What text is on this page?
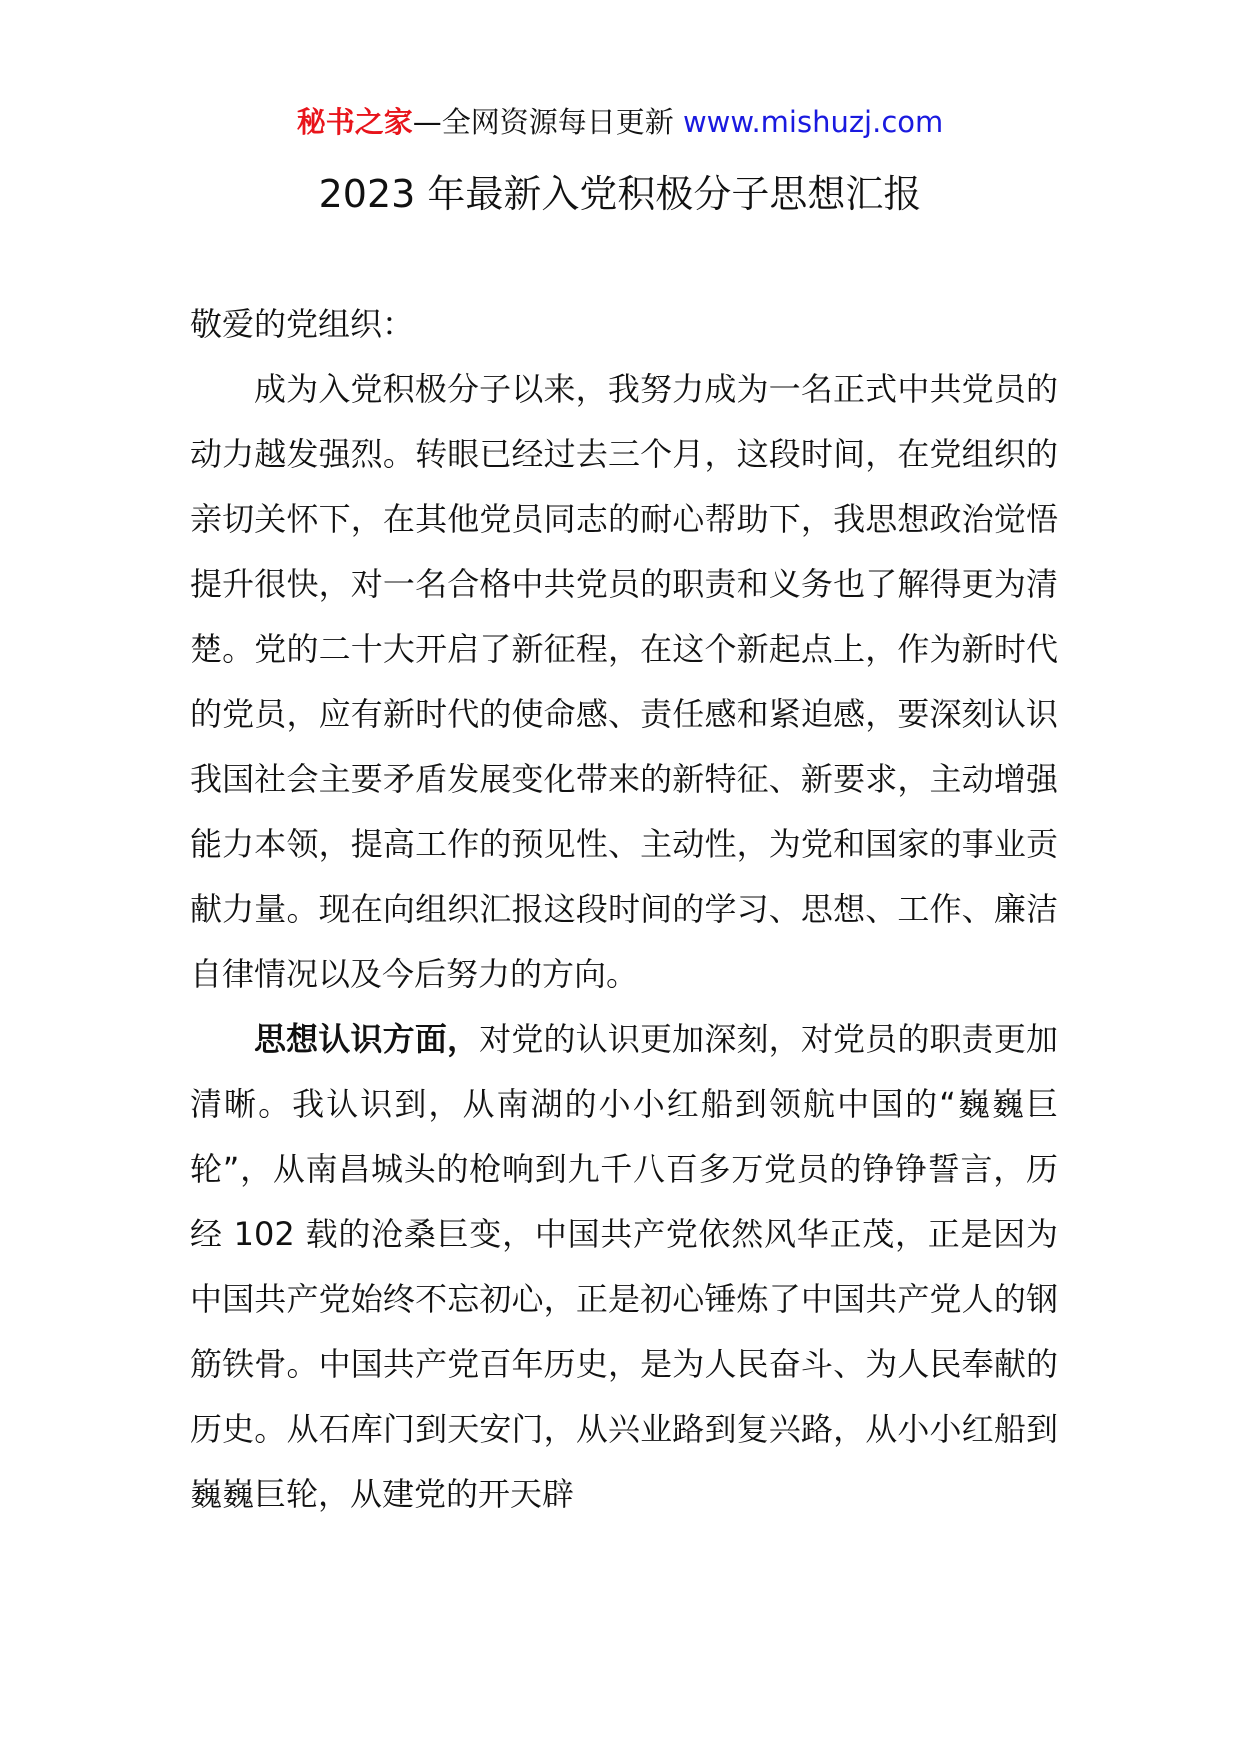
秘书之家—全网资源每日更新 www.mishuzj.com
2023 年最新入党积极分子思想汇报

敬爱的党组织：

成为入党积极分子以来，我努力成为一名正式中共党员的动力越发强烈。转眼已经过去三个月，这段时间，在党组织的亲切关怀下，在其他党员同志的耐心帮助下，我思想政治觉悟提升很快，对一名合格中共党员的职责和义务也了解得更为清楚。党的二十大开启了新征程，在这个新起点上，作为新时代的党员，应有新时代的使命感、责任感和紧迫感，要深刻认识我国社会主要矛盾发展变化带来的新特征、新要求，主动增强能力本领，提高工作的预见性、主动性，为党和国家的事业贡献力量。现在向组织汇报这段时间的学习、思想、工作、廉洁自律情况以及今后努力的方向。

思想认识方面，对党的认识更加深刻，对党员的职责更加清晰。我认识到，从南湖的小小红船到领航中国的“巍巍巨轮”，从南昌城头的枪响到九千八百多万党员的铮铮誓言，历经 102 载的沧桑巨变，中国共产党依然风华正茂，正是因为中国共产党始终不忘初心，正是初心锤炼了中国共产党人的钢筋铁骨。中国共产党百年历史，是为人民奋斗、为人民奉献的历史。从石库门到天安门，从兴业路到复兴路，从小小红船到巍巍巨轮，从建党的开天辟
